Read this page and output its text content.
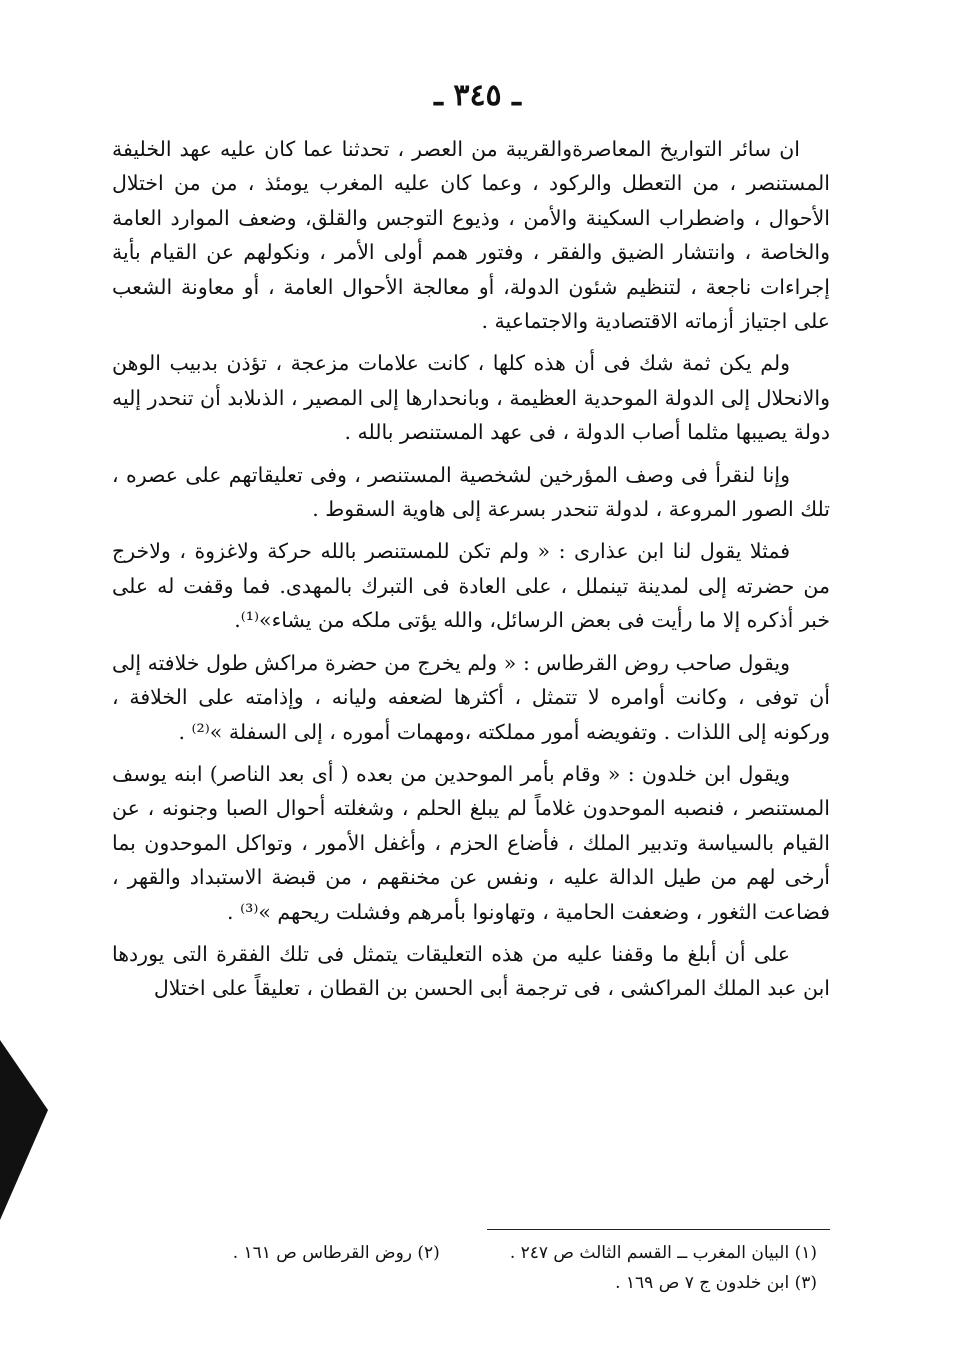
ـ ٣٤٥ ـ

ان سائر التواريخ المعاصرةوالقريبة من العصر ، تحدثنا عما كان عليه عهد الخليفة المستنصر ، من التعطل والركود ، وعما كان عليه المغرب يومئذ ، من من اختلال الأحوال ، واضطراب السكينة والأمن ، وذيوع التوجس والقلق، وضعف الموارد العامة والخاصة ، وانتشار الضيق والفقر ، وفتور همم أولى الأمر ، ونكولهم عن القيام بأية إجراءات ناجعة ، لتنظيم شئون الدولة، أو معالجة الأحوال العامة ، أو معاونة الشعب على اجتياز أزماته الاقتصادية والاجتماعية .

ولم يكن ثمة شك فى أن هذه كلها ، كانت علامات مزعجة ، تؤذن بدبيب الوهن والانحلال إلى الدولة الموحدية العظيمة ، وبانحدارها إلى المصير ، الذىلابد أن تنحدر إليه دولة يصيبها مثلما أصاب الدولة ، فى عهد المستنصر بالله .

وإنا لنقرأ فى وصف المؤرخين لشخصية المستنصر ، وفى تعليقاتهم على عصره ، تلك الصور المروعة ، لدولة تنحدر بسرعة إلى هاوية السقوط .

فمثلا يقول لنا ابن عذارى : « ولم تكن للمستنصر بالله حركة ولاغزوة ، ولاخرج من حضرته إلى لمدينة تينملل ، على العادة فى التبرك بالمهدى. فما وقفت له على خبر أذكره إلا ما رأيت فى بعض الرسائل، والله يؤتى ملكه من يشاء»⁽¹⁾.

ويقول صاحب روض القرطاس : « ولم يخرج من حضرة مراكش طول خلافته إلى أن توفى ، وكانت أوامره لا تتمثل ، أكثرها لضعفه وليانه ، وإذامته على الخلافة ، وركونه إلى اللذات . وتفويضه أمور مملكته ،ومهمات أموره ، إلى السفلة »⁽²⁾ .

ويقول ابن خلدون : « وقام بأمر الموحدين من بعده ( أى بعد الناصر) ابنه يوسف المستنصر ، فنصبه الموحدون غلاماً لم يبلغ الحلم ، وشغلته أحوال الصبا وجنونه ، عن القيام بالسياسة وتدبير الملك ، فأضاع الحزم ، وأغفل الأمور ، وتواكل الموحدون بما أرخى لهم من طيل الدالة عليه ، ونفس عن مخنقهم ، من قبضة الاستبداد والقهر ، فضاعت الثغور ، وضعفت الحامية ، وتهاونوا بأمرهم وفشلت ريحهم »⁽³⁾ .

على أن أبلغ ما وقفنا عليه من هذه التعليقات يتمثل فى تلك الفقرة التى يوردها ابن عبد الملك المراكشى ، فى ترجمة أبى الحسن بن القطان ، تعليقاً على اختلال

(١) البيان المغرب ــ القسم الثالث ص ٢٤٧ .
(٢) روض القرطاس ص ١٦١ .
(٣) ابن خلدون ج ٧ ص ١٦٩ .
